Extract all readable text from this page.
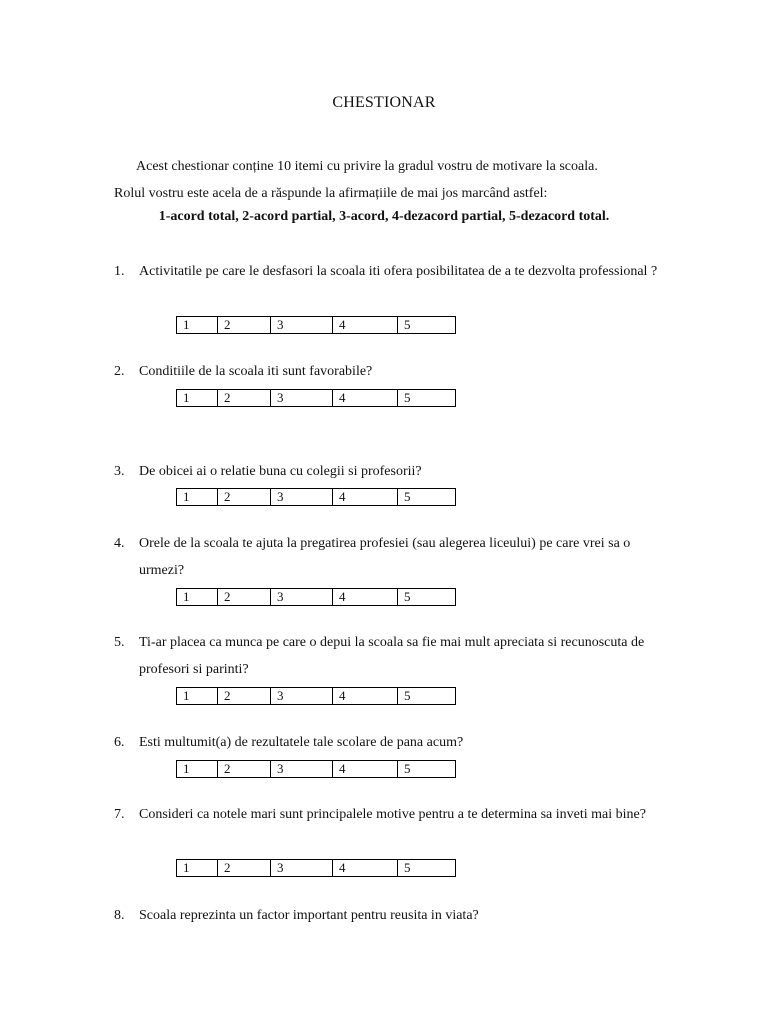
CHESTIONAR
Acest chestionar conține 10 itemi cu privire la gradul vostru de motivare la scoala.
Rolul vostru este acela de a răspunde la afirmațiile de mai jos marcând astfel:
1-acord total, 2-acord partial, 3-acord, 4-dezacord partial, 5-dezacord total.
1.	Activitatile pe care le desfasori la scoala iti ofera posibilitatea de a te dezvolta professional ?
1	2	3	4	5
2.	Conditiile de la scoala iti sunt favorabile?
1	2	3	4	5
3.	De obicei ai o relatie buna cu colegii si profesorii?
1	2	3	4	5
4.	Orele de la scoala te ajuta la pregatirea profesiei (sau alegerea liceului) pe care vrei sa o urmezi?
1	2	3	4	5
5.	Ti-ar placea ca munca pe care o depui la scoala sa fie mai mult apreciata si recunoscuta de profesori si parinti?
1	2	3	4	5
6.	Esti multumit(a) de rezultatele tale scolare de pana acum?
1	2	3	4	5
7.	Consideri ca notele mari sunt principalele motive pentru a te determina sa inveti mai bine?
1	2	3	4	5
8.	Scoala reprezinta un factor important pentru reusita in viata?
